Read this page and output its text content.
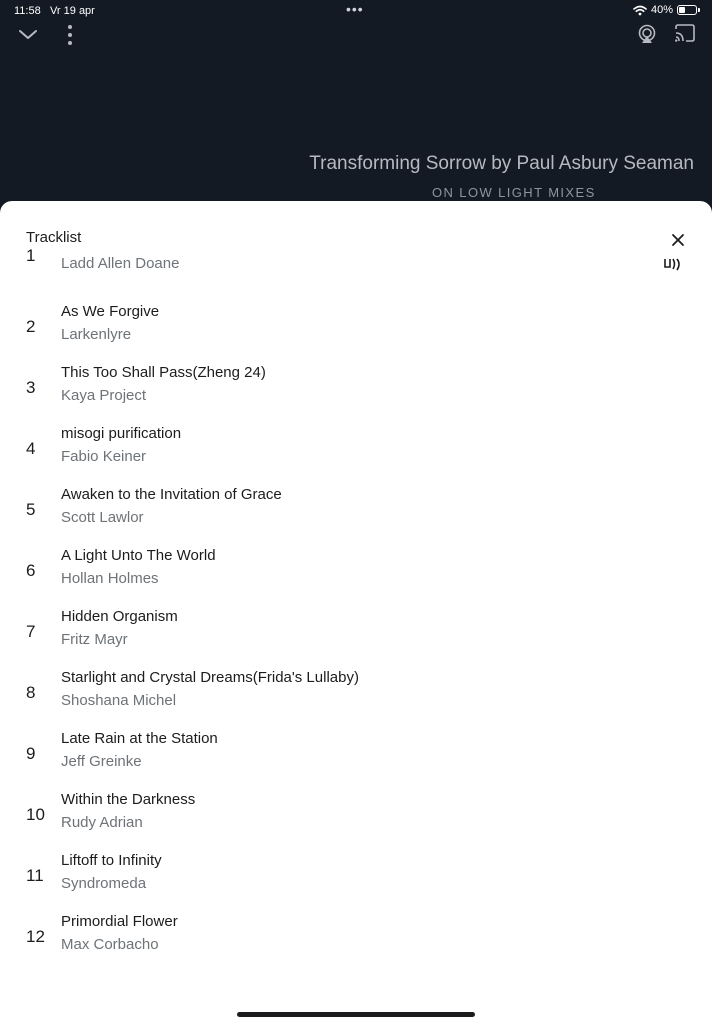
11:58 Vr 19 apr	•••	40%
Transforming Sorrow by Paul Asbury Seaman
ON LOW LIGHT MIXES
Tracklist
1 Ladd Allen Doane
2
As We Forgive
Larkenlyre
3
This Too Shall Pass(Zheng 24)
Kaya Project
4
misogi purification
Fabio Keiner
5
Awaken to the Invitation of Grace
Scott Lawlor
6
A Light Unto The World
Hollan Holmes
7
Hidden Organism
Fritz Mayr
8
Starlight and Crystal Dreams(Frida's Lullaby)
Shoshana Michel
9
Late Rain at the Station
Jeff Greinke
10
Within the Darkness
Rudy Adrian
11
Liftoff to Infinity
Syndromeda
12
Primordial Flower
Max Corbacho
